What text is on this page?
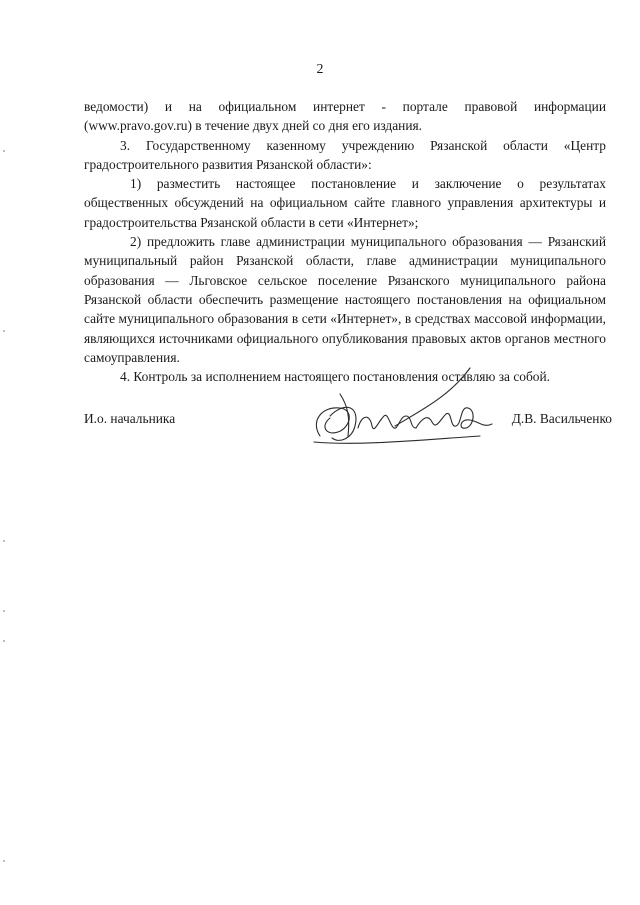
2

ведомости) и на официальном интернет - портале правовой информации (www.pravo.gov.ru) в течение двух дней со дня его издания.

3. Государственному казенному учреждению Рязанской области «Центр градостроительного развития Рязанской области»:

1) разместить настоящее постановление и заключение о результатах общественных обсуждений на официальном сайте главного управления архитектуры и градостроительства Рязанской области в сети «Интернет»;

2) предложить главе администрации муниципального образования — Рязанский муниципальный район Рязанской области, главе администрации муниципального образования — Льговское сельское поселение Рязанского муниципального района Рязанской области обеспечить размещение настоящего постановления на официальном сайте муниципального образования в сети «Интернет», в средствах массовой информации, являющихся источниками официального опубликования правовых актов органов местного самоуправления.

4. Контроль за исполнением настоящего постановления оставляю за собой.

И.о. начальника	Д.В. Васильченко
